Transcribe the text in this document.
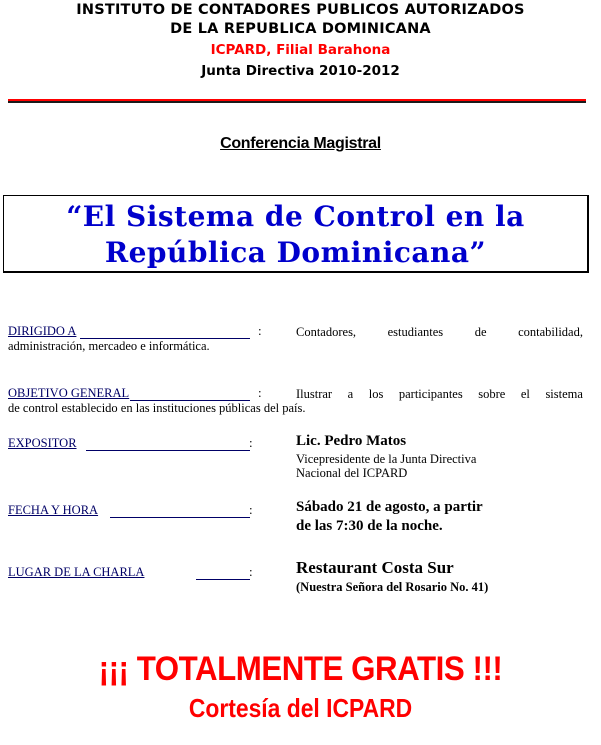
INSTITUTO DE CONTADORES PUBLICOS AUTORIZADOS
DE LA REPUBLICA DOMINICANA
ICPARD, Filial Barahona
Junta Directiva 2010-2012
Conferencia Magistral
“El Sistema de Control en la
República Dominicana”
DIRIGIDO A	:	Contadores,	estudiantes	de	contabilidad,
administración, mercadeo e informática.
OBJETIVO GENERAL	:	Ilustrar a los participantes sobre el sistema
de control establecido en las instituciones públicas del país.
EXPOSITOR	:	Lic. Pedro Matos
Vicepresidente de la Junta Directiva
Nacional del ICPARD
FECHA Y HORA	:	Sábado 21 de agosto, a partir
de las 7:30 de la noche.
LUGAR DE LA CHARLA	:	Restaurant Costa Sur
(Nuestra Señora del Rosario No. 41)
¡¡¡ TOTALMENTE GRATIS !!!
Cortesía del ICPARD
